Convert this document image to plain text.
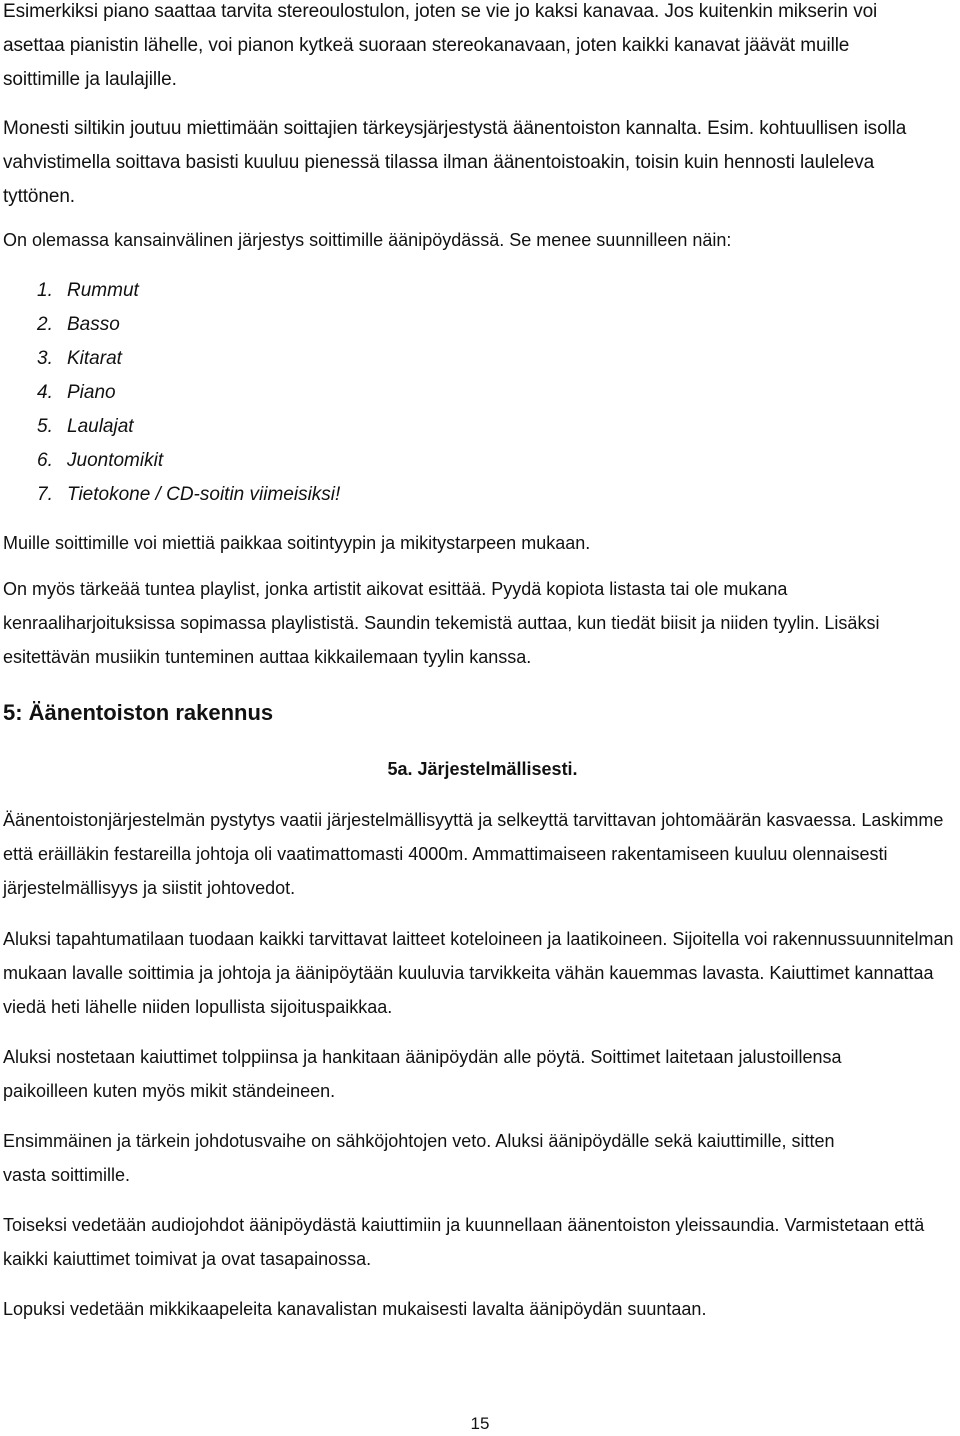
Esimerkiksi piano saattaa tarvita stereoulostulon, joten se vie jo kaksi kanavaa. Jos kuitenkin mikserin voi asettaa pianistin lähelle, voi pianon kytkeä suoraan stereokanavaan, joten kaikki kanavat jäävät muille soittimille ja laulajille.

Monesti siltikin joutuu miettimään soittajien tärkeysjärjestystä äänentoiston kannalta. Esim. kohtuullisen isolla vahvistimella soittava basisti kuuluu pienessä tilassa ilman äänentoistoakin, toisin kuin hennosti lauleleva tyttönen.

On olemassa kansainvälinen järjestys soittimille äänipöydässä. Se menee suunnilleen näin:

1. Rummut
2. Basso
3. Kitarat
4. Piano
5. Laulajat
6. Juontomikit
7. Tietokone / CD-soitin viimeisiksi!

Muille soittimille voi miettiä paikkaa soitintyypin ja mikitystarpeen mukaan.

On myös tärkeää tuntea playlist, jonka artistit aikovat esittää. Pyydä kopiota listasta tai ole mukana kenraaliharjoituksissa sopimassa playlististä. Saundin tekemistä auttaa, kun tiedät biisit ja niiden tyylin. Lisäksi esitettävän musiikin tunteminen auttaa kikkailemaan tyylin kanssa.

5: Äänentoiston rakennus
5a. Järjestelmällisesti.

Äänentoistonjärjestelmän pystytys vaatii järjestelmällisyyttä ja selkeyttä tarvittavan johtomäärän kasvaessa. Laskimme että eräilläkin festareilla johtoja oli vaatimattomasti 4000m. Ammattimaiseen rakentamiseen kuuluu olennaisesti järjestelmällisyys ja siistit johtovedot.

Aluksi tapahtumatilaan tuodaan kaikki tarvittavat laitteet koteloineen ja laatikoineen. Sijoitella voi rakennussuunnitelman mukaan lavalle soittimia ja johtoja ja äänipöytään kuuluvia tarvikkeita vähän kauemmas lavasta. Kaiuttimet kannattaa viedä heti lähelle niiden lopullista sijoituspaikkaa.

Aluksi nostetaan kaiuttimet tolppiinsa ja hankitaan äänipöydän alle pöytä. Soittimet laitetaan jalustoillensa paikoilleen kuten myös mikit ständeineen.

Ensimmäinen ja tärkein johdotusvaihe on sähköjohtojen veto. Aluksi äänipöydälle sekä kaiuttimille, sitten vasta soittimille.

Toiseksi vedetään audiojohdot äänipöydästä kaiuttimiin ja kuunnellaan äänentoiston yleissaundia. Varmistetaan että kaikki kaiuttimet toimivat ja ovat tasapainossa.

Lopuksi vedetään mikkikaapeleita kanavalistan mukaisesti lavalta äänipöydän suuntaan.

15
